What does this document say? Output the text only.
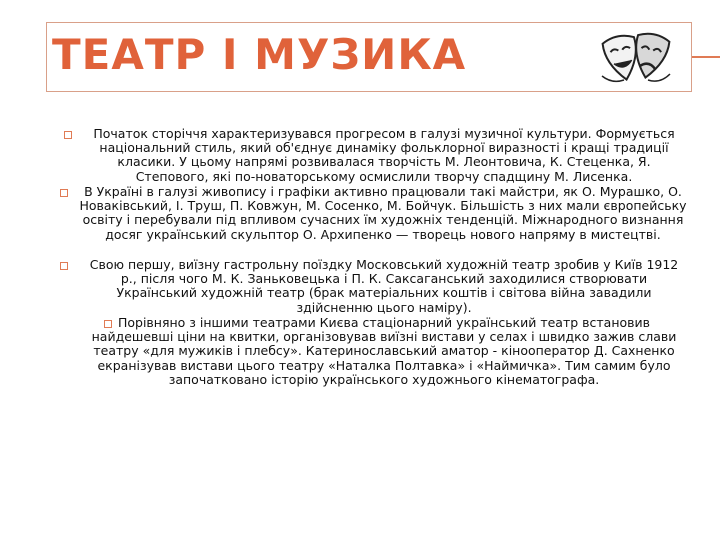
ТЕАТР І МУЗИКА
Початок сторіччя характеризувався прогресом в галузі музичної культури. Формується національний стиль, який об'єднує динаміку фольклорної виразності і кращі традиції класики. У цьому напрямі розвивалася творчість М. Леонтовича, К. Стеценка, Я. Степового, які по-новаторському осмислили творчу спадщину М. Лисенка.
В Україні в галузі живопису і графіки активно працювали такі майстри, як О. Мурашко, О. Новаківський, І. Труш, П. Ковжун, М. Сосенко, М. Бойчук. Більшість з них мали європейську освіту і перебували під впливом сучасних їм художніх тенденцій. Міжнародного визнання досяг український скульптор О. Архипенко — творець нового напряму в мистецтві.
Свою першу, виїзну гастрольну поїздку Московський художній театр зробив у Київ 1912 р., після чого М. К. Заньковецька і П. К. Саксаганський заходилися створювати Український художній театр (брак матеріальних коштів і світова війна завадили здійсненню цього наміру).
Порівняно з іншими театрами Києва стаціонарний український театр встановив найдешевші ціни на квитки, організовував виїзні вистави у селах і швидко зажив слави театру «для мужиків і плебсу». Катеринославський аматор - кінооператор Д. Сахненко екранізував вистави цього театру «Наталка Полтавка» і «Наймичка». Тим самим було започатковано історію українського художнього кінематографа.
